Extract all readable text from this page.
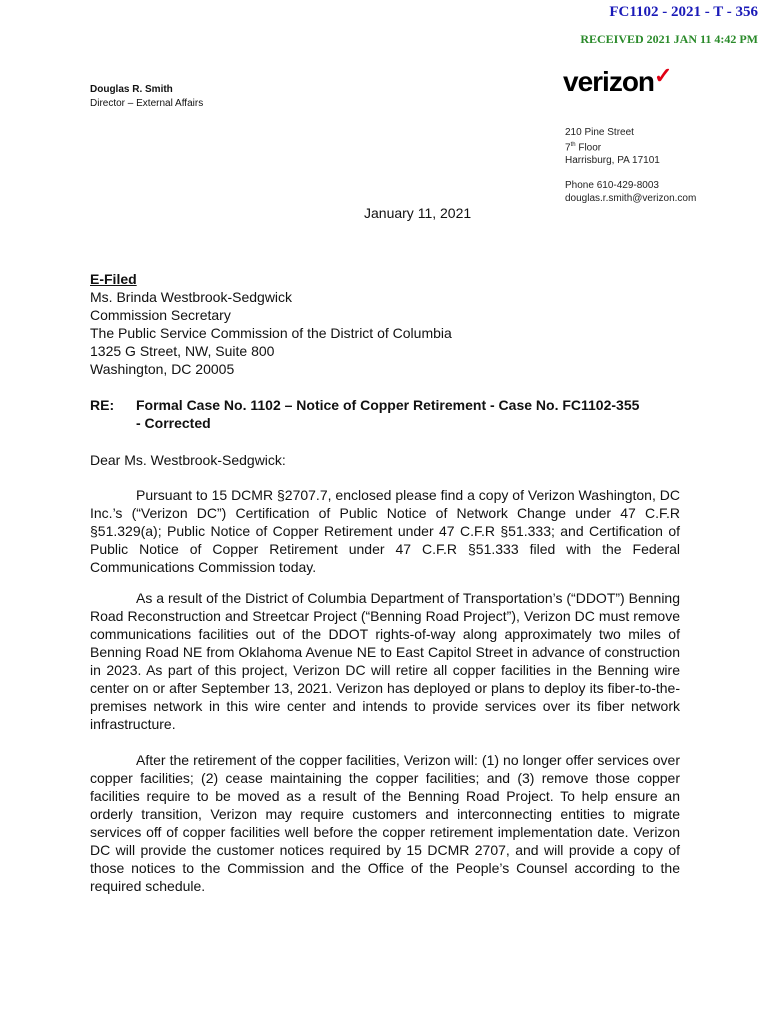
FC1102 - 2021 - T - 356
RECEIVED 2021 JAN 11 4:42 PM
verizon✓
Douglas R. Smith
Director – External Affairs
210 Pine Street
7th Floor
Harrisburg, PA 17101
Phone 610-429-8003
douglas.r.smith@verizon.com
January 11, 2021
E-Filed
Ms. Brinda Westbrook-Sedgwick
Commission Secretary
The Public Service Commission of the District of Columbia
1325 G Street, NW, Suite 800
Washington, DC 20005
RE:	Formal Case No. 1102 – Notice of Copper Retirement - Case No. FC1102-355
- Corrected
Dear Ms. Westbrook-Sedgwick:

Pursuant to 15 DCMR §2707.7, enclosed please find a copy of Verizon Washington, DC Inc.’s (“Verizon DC”) Certification of Public Notice of Network Change under 47 C.F.R §51.329(a); Public Notice of Copper Retirement under 47 C.F.R §51.333; and Certification of Public Notice of Copper Retirement under 47 C.F.R §51.333 filed with the Federal Communications Commission today.

As a result of the District of Columbia Department of Transportation’s (“DDOT”) Benning Road Reconstruction and Streetcar Project (“Benning Road Project”), Verizon DC must remove communications facilities out of the DDOT rights-of-way along approximately two miles of Benning Road NE from Oklahoma Avenue NE to East Capitol Street in advance of construction in 2023. As part of this project, Verizon DC will retire all copper facilities in the Benning wire center on or after September 13, 2021. Verizon has deployed or plans to deploy its fiber-to-the-premises network in this wire center and intends to provide services over its fiber network infrastructure.

After the retirement of the copper facilities, Verizon will: (1) no longer offer services over copper facilities; (2) cease maintaining the copper facilities; and (3) remove those copper facilities require to be moved as a result of the Benning Road Project. To help ensure an orderly transition, Verizon may require customers and interconnecting entities to migrate services off of copper facilities well before the copper retirement implementation date. Verizon DC will provide the customer notices required by 15 DCMR 2707, and will provide a copy of those notices to the Commission and the Office of the People’s Counsel according to the required schedule.
